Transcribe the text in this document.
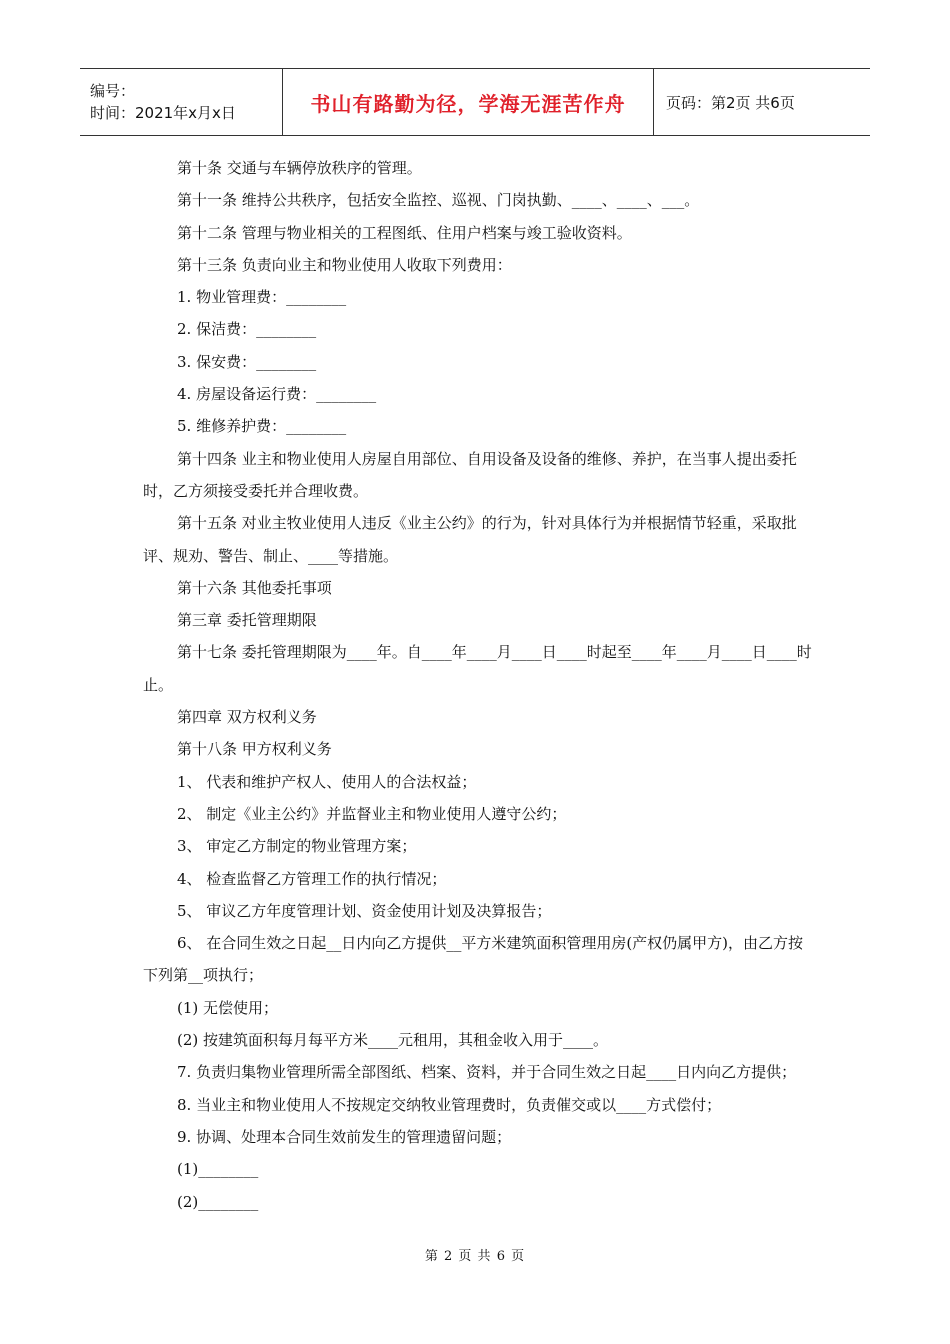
编号：
时间：2021年x月x日	书山有路勤为径，学海无涯苦作舟	页码：第2页 共6页

第十条 交通与车辆停放秩序的管理。

第十一条 维持公共秩序，包括安全监控、巡视、门岗执勤、____、____、___。

第十二条 管理与物业相关的工程图纸、住用户档案与竣工验收资料。

第十三条 负责向业主和物业使用人收取下列费用：

1. 物业管理费：________

2. 保洁费：________

3. 保安费：________

4. 房屋设备运行费：________

5. 维修养护费：________

第十四条 业主和物业使用人房屋自用部位、自用设备及设备的维修、养护，在当事人提出委托时，乙方须接受委托并合理收费。

第十五条 对业主牧业使用人违反《业主公约》的行为，针对具体行为并根据情节轻重，采取批评、规劝、警告、制止、____等措施。

第十六条 其他委托事项

第三章 委托管理期限

第十七条 委托管理期限为____年。自____年____月____日____时起至____年____月____日____时止。

第四章 双方权利义务

第十八条 甲方权利义务

1、 代表和维护产权人、使用人的合法权益；

2、 制定《业主公约》并监督业主和物业使用人遵守公约；

3、 审定乙方制定的物业管理方案；

4、 检查监督乙方管理工作的执行情况；

5、 审议乙方年度管理计划、资金使用计划及决算报告；

6、 在合同生效之日起__日内向乙方提供__平方米建筑面积管理用房(产权仍属甲方)，由乙方按下列第__项执行；

(1) 无偿使用；

(2) 按建筑面积每月每平方米____元租用，其租金收入用于____。

7. 负责归集物业管理所需全部图纸、档案、资料，并于合同生效之日起____日内向乙方提供；

8. 当业主和物业使用人不按规定交纳牧业管理费时，负责催交或以____方式偿付；

9. 协调、处理本合同生效前发生的管理遗留问题；

(1)________

(2)________

第 2 页 共 6 页
